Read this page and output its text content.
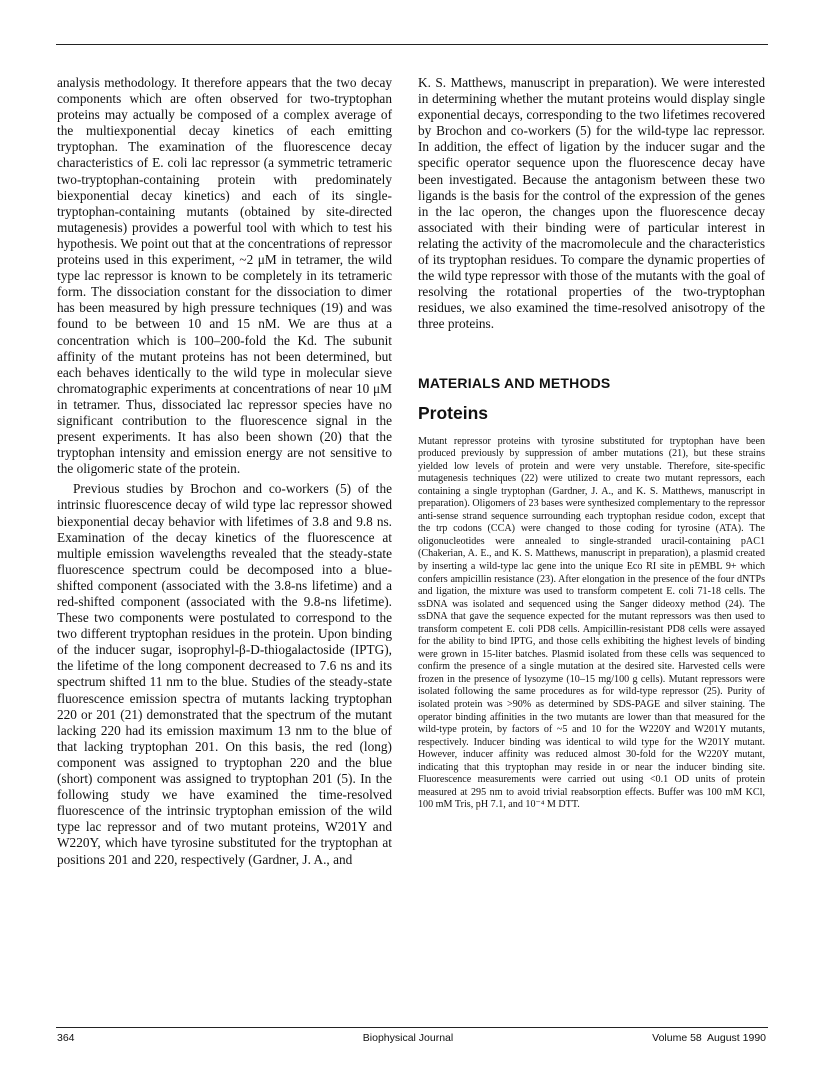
analysis methodology. It therefore appears that the two decay components which are often observed for two-tryptophan proteins may actually be composed of a complex average of the multiexponential decay kinetics of each emitting tryptophan. The examination of the fluorescence decay characteristics of E. coli lac repressor (a symmetric tetrameric two-tryptophan-containing protein with predominately biexponential decay kinetics) and each of its single-tryptophan-containing mutants (obtained by site-directed mutagenesis) provides a powerful tool with which to test his hypothesis. We point out that at the concentrations of repressor proteins used in this experiment, ~2 μM in tetramer, the wild type lac repressor is known to be completely in its tetrameric form. The dissociation constant for the dissociation to dimer has been measured by high pressure techniques (19) and was found to be between 10 and 15 nM. We are thus at a concentration which is 100–200-fold the Kd. The subunit affinity of the mutant proteins has not been determined, but each behaves identically to the wild type in molecular sieve chromatographic experiments at concentrations of near 10 μM in tetramer. Thus, dissociated lac repressor species have no significant contribution to the fluorescence signal in the present experiments. It has also been shown (20) that the tryptophan intensity and emission energy are not sensitive to the oligomeric state of the protein.

Previous studies by Brochon and co-workers (5) of the intrinsic fluorescence decay of wild type lac repressor showed biexponential decay behavior with lifetimes of 3.8 and 9.8 ns. Examination of the decay kinetics of the fluorescence at multiple emission wavelengths revealed that the steady-state fluorescence spectrum could be decomposed into a blue-shifted component (associated with the 3.8-ns lifetime) and a red-shifted component (associated with the 9.8-ns lifetime). These two components were postulated to correspond to the two different tryptophan residues in the protein. Upon binding of the inducer sugar, isoprophyl-β-D-thiogalactoside (IPTG), the lifetime of the long component decreased to 7.6 ns and its spectrum shifted 11 nm to the blue. Studies of the steady-state fluorescence emission spectra of mutants lacking tryptophan 220 or 201 (21) demonstrated that the spectrum of the mutant lacking 220 had its emission maximum 13 nm to the blue of that lacking tryptophan 201. On this basis, the red (long) component was assigned to tryptophan 220 and the blue (short) component was assigned to tryptophan 201 (5). In the following study we have examined the time-resolved fluorescence of the intrinsic tryptophan emission of the wild type lac repressor and of two mutant proteins, W201Y and W220Y, which have tyrosine substituted for the tryptophan at positions 201 and 220, respectively (Gardner, J. A., and

K. S. Matthews, manuscript in preparation). We were interested in determining whether the mutant proteins would display single exponential decays, corresponding to the two lifetimes recovered by Brochon and co-workers (5) for the wild-type lac repressor. In addition, the effect of ligation by the inducer sugar and the specific operator sequence upon the fluorescence decay have been investigated. Because the antagonism between these two ligands is the basis for the control of the expression of the genes in the lac operon, the changes upon the fluorescence decay associated with their binding were of particular interest in relating the activity of the macromolecule and the characteristics of its tryptophan residues. To compare the dynamic properties of the wild type repressor with those of the mutants with the goal of resolving the rotational properties of the two-tryptophan residues, we also examined the time-resolved anisotropy of the three proteins.

MATERIALS AND METHODS
Proteins

Mutant repressor proteins with tyrosine substituted for tryptophan have been produced previously by suppression of amber mutations (21), but these strains yielded low levels of protein and were very unstable. Therefore, site-specific mutagenesis techniques (22) were utilized to create two mutant repressors, each containing a single tryptophan (Gardner, J. A., and K. S. Matthews, manuscript in preparation). Oligomers of 23 bases were synthesized complementary to the repressor anti-sense strand sequence surrounding each tryptophan residue codon, except that the trp codons (CCA) were changed to those coding for tyrosine (ATA). The oligonucleotides were annealed to single-stranded uracil-containing pAC1 (Chakerian, A. E., and K. S. Matthews, manuscript in preparation), a plasmid created by inserting a wild-type lac gene into the unique Eco RI site in pEMBL 9+ which confers ampicillin resistance (23). After elongation in the presence of the four dNTPs and ligation, the mixture was used to transform competent E. coli 71-18 cells. The ssDNA was isolated and sequenced using the Sanger dideoxy method (24). The ssDNA that gave the sequence expected for the mutant repressors was then used to transform competent E. coli PD8 cells. Ampicillin-resistant PD8 cells were assayed for the ability to bind IPTG, and those cells exhibiting the highest levels of binding were grown in 15-liter batches. Plasmid isolated from these cells was sequenced to confirm the presence of a single mutation at the desired site. Harvested cells were frozen in the presence of lysozyme (10–15 mg/100 g cells). Mutant repressors were isolated following the same procedures as for wild-type repressor (25). Purity of isolated protein was >90% as determined by SDS-PAGE and silver staining. The operator binding affinities in the two mutants are lower than that measured for the wild-type protein, by factors of ~5 and 10 for the W220Y and W201Y mutants, respectively. Inducer binding was identical to wild type for the W201Y mutant. However, inducer affinity was reduced almost 30-fold for the W220Y mutant, indicating that this tryptophan may reside in or near the inducer binding site. Fluorescence measurements were carried out using <0.1 OD units of protein measured at 295 nm to avoid trivial reabsorption effects. Buffer was 100 mM KCl, 100 mM Tris, pH 7.1, and 10⁻⁴ M DTT.

364	Biophysical Journal	Volume 58  August 1990
